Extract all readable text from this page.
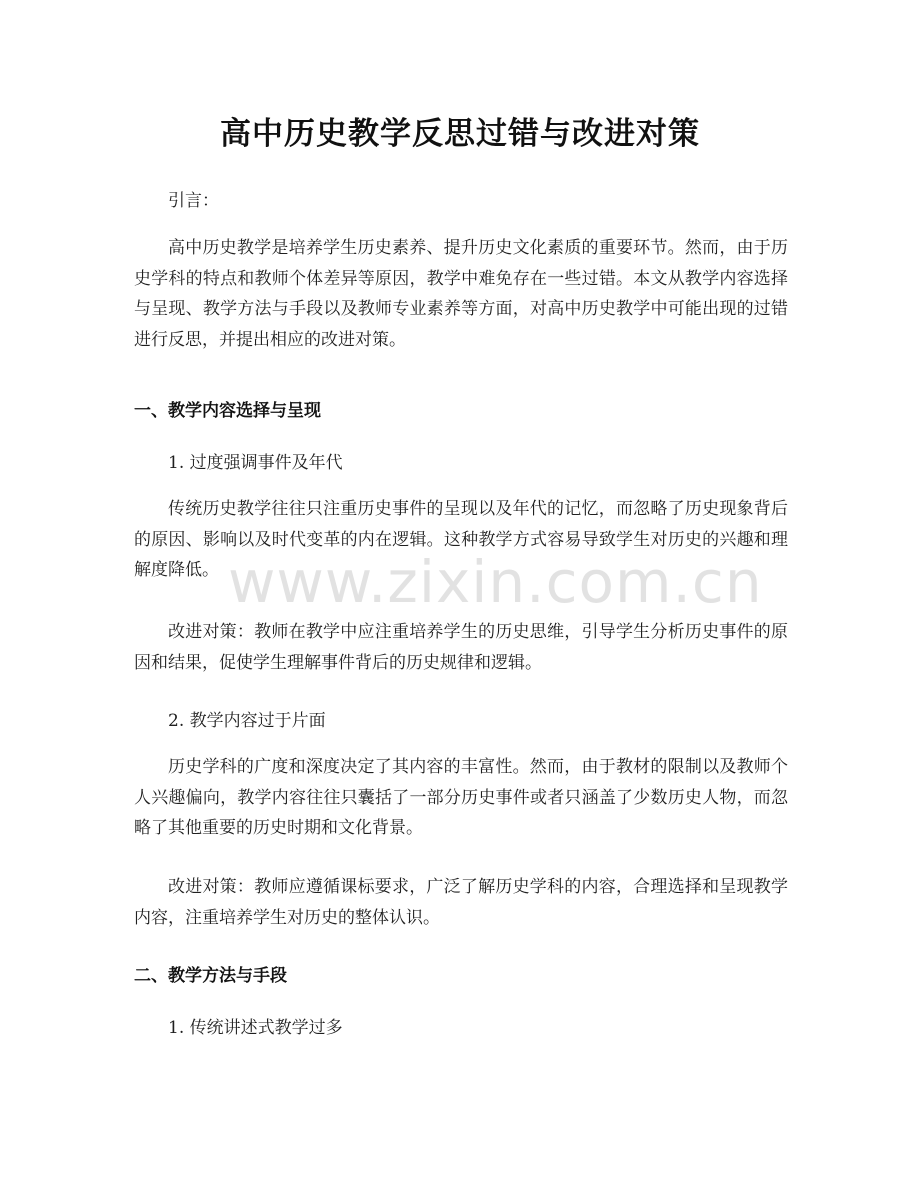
高中历史教学反思过错与改进对策
引言：
高中历史教学是培养学生历史素养、提升历史文化素质的重要环节。然而，由于历史学科的特点和教师个体差异等原因，教学中难免存在一些过错。本文从教学内容选择与呈现、教学方法与手段以及教师专业素养等方面，对高中历史教学中可能出现的过错进行反思，并提出相应的改进对策。
一、教学内容选择与呈现
1. 过度强调事件及年代
传统历史教学往往只注重历史事件的呈现以及年代的记忆，而忽略了历史现象背后的原因、影响以及时代变革的内在逻辑。这种教学方式容易导致学生对历史的兴趣和理解度降低。
改进对策：教师在教学中应注重培养学生的历史思维，引导学生分析历史事件的原因和结果，促使学生理解事件背后的历史规律和逻辑。
2. 教学内容过于片面
历史学科的广度和深度决定了其内容的丰富性。然而，由于教材的限制以及教师个人兴趣偏向，教学内容往往只囊括了一部分历史事件或者只涵盖了少数历史人物，而忽略了其他重要的历史时期和文化背景。
改进对策：教师应遵循课标要求，广泛了解历史学科的内容，合理选择和呈现教学内容，注重培养学生对历史的整体认识。
二、教学方法与手段
1. 传统讲述式教学过多
www.zixin.com.cn
